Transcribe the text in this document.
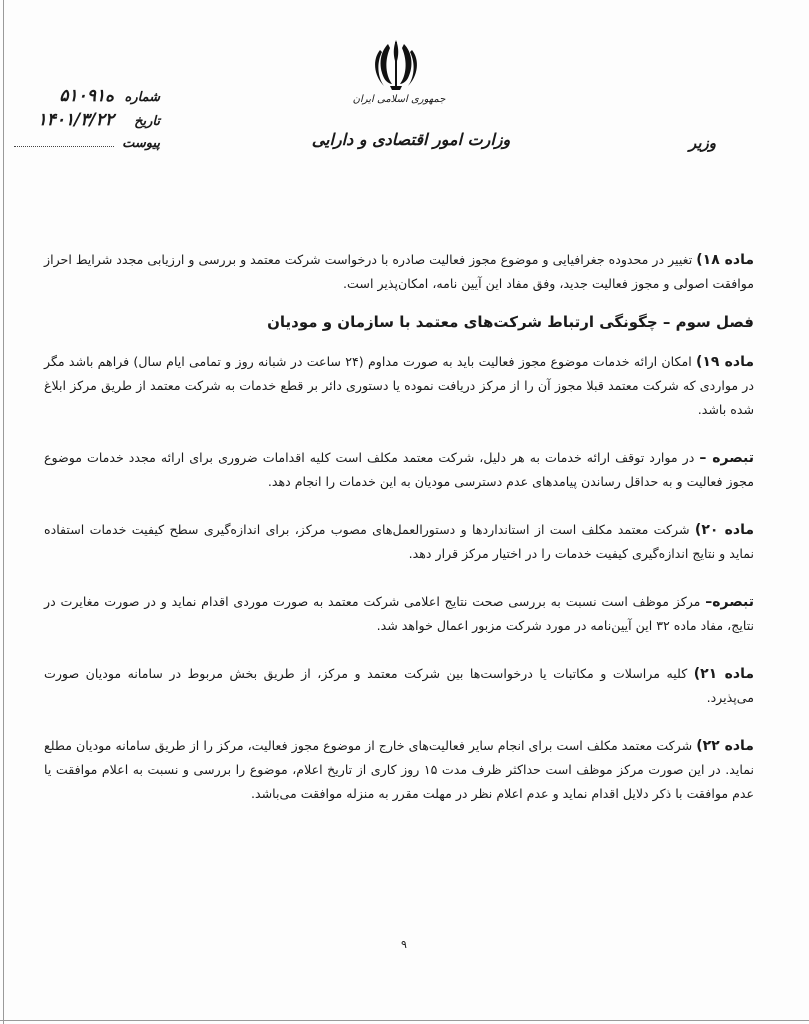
جمهوری اسلامی ایران
وزارت امور اقتصادی و دارایی	وزیر
شماره
۵۱۰۹۱ه
تاریخ
۱۴۰۱/۳/۲۲
پیوست

ماده ۱۸) تغییر در محدوده جغرافیایی و موضوع مجوز فعالیت صادره با درخواست شرکت معتمد و بررسی و ارزیابی مجدد شرایط احراز موافقت اصولی و مجوز فعالیت جدید، وفق مفاد این آیین نامه، امکان‌پذیر است.

فصل سوم – چگونگی ارتباط شرکت‌های معتمد با سازمان و مودیان

ماده ۱۹) امکان ارائه خدمات موضوع مجوز فعالیت باید به صورت مداوم (۲۴ ساعت در شبانه روز و تمامی ایام سال) فراهم باشد مگر در مواردی که شرکت معتمد قبلا مجوز آن را از مرکز دریافت نموده یا دستوری دائر بر قطع خدمات به شرکت معتمد از طریق مرکز ابلاغ شده باشد.

تبصره – در موارد توقف ارائه خدمات به هر دلیل، شرکت معتمد مکلف است کلیه اقدامات ضروری برای ارائه مجدد خدمات موضوع مجوز فعالیت و به حداقل رساندن پیامدهای عدم دسترسی مودیان به این خدمات را انجام دهد.

ماده ۲۰) شرکت معتمد مکلف است از استانداردها و دستورالعمل‌های مصوب مرکز، برای اندازه‌گیری سطح کیفیت خدمات استفاده نماید و نتایج اندازه‌گیری کیفیت خدمات را در اختیار مرکز قرار دهد.

تبصره– مرکز موظف است نسبت به بررسی صحت نتایج اعلامی شرکت معتمد به صورت موردی اقدام نماید و در صورت مغایرت در نتایج، مفاد ماده ۳۲ این آیین‌نامه در مورد شرکت مزبور اعمال خواهد شد.

ماده ۲۱) کلیه مراسلات و مکاتبات یا درخواست‌ها بین شرکت معتمد و مرکز، از طریق بخش مربوط در سامانه مودیان صورت می‌پذیرد.

ماده ۲۲) شرکت معتمد مکلف است برای انجام سایر فعالیت‌های خارج از موضوع مجوز فعالیت، مرکز را از طریق سامانه مودیان مطلع نماید. در این صورت مرکز موظف است حداکثر ظرف مدت ۱۵ روز کاری از تاریخ اعلام، موضوع را بررسی و نسبت به اعلام موافقت یا عدم موافقت با ذکر دلایل اقدام نماید و عدم اعلام نظر در مهلت مقرر به منزله موافقت می‌باشد.

۹
